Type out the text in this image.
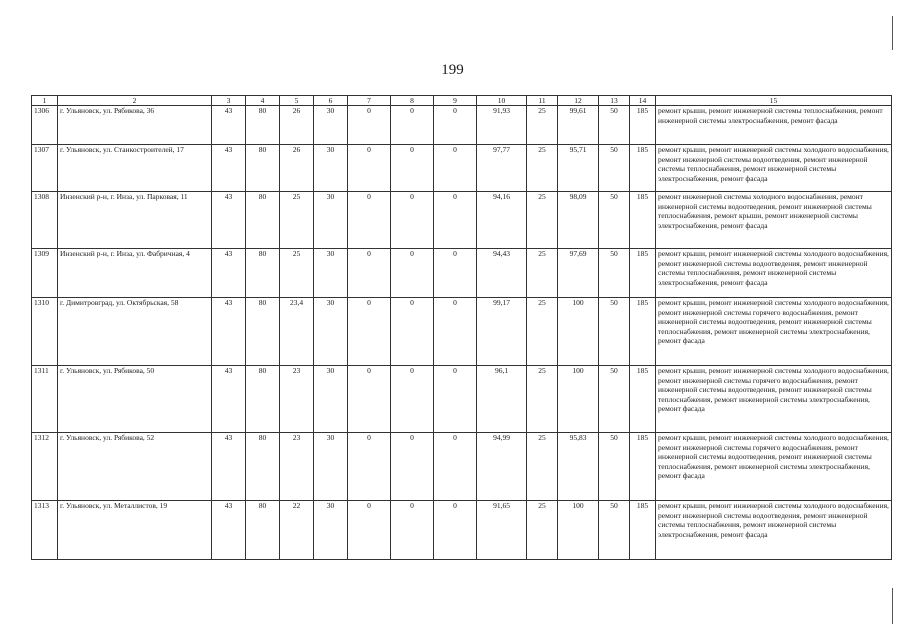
199
1	2	3	4	5	6	7	8	9	10	11	12	13	14	15
1306	г. Ульяновск, ул. Рябикова, 36	43	80	26	30	0	0	0	91,93	25	99,61	50	185	ремонт крыши, ремонт инженерной системы теплоснабжения, ремонт инженерной системы электроснабжения, ремонт фасада
1307	г. Ульяновск, ул. Станкостроителей, 17	43	80	26	30	0	0	0	97,77	25	95,71	50	185	ремонт крыши, ремонт инженерной системы холодного водоснабжения, ремонт инженерной системы водоотведения, ремонт инженерной системы теплоснабжения, ремонт инженерной системы электроснабжения, ремонт фасада
1308	Инзенский р-н, г. Инза, ул. Парковая, 11	43	80	25	30	0	0	0	94,16	25	98,09	50	185	ремонт инженерной системы холодного водоснабжения, ремонт инженерной системы водоотведения, ремонт инженерной системы теплоснабжения, ремонт крыши, ремонт инженерной системы электроснабжения, ремонт фасада
1309	Инзенский р-н, г. Инза, ул. Фабричная, 4	43	80	25	30	0	0	0	94,43	25	97,69	50	185	ремонт крыши, ремонт инженерной системы холодного водоснабжения, ремонт инженерной системы водоотведения, ремонт инженерной системы теплоснабжения, ремонт инженерной системы электроснабжения, ремонт фасада
1310	г. Димитровград, ул. Октябрьская, 58	43	80	23,4	30	0	0	0	99,17	25	100	50	185	ремонт крыши, ремонт инженерной системы холодного водоснабжения, ремонт инженерной системы горячего водоснабжения, ремонт инженерной системы водоотведения, ремонт инженерной системы теплоснабжения, ремонт инженерной системы электроснабжения, ремонт фасада
1311	г. Ульяновск, ул. Рябикова, 50	43	80	23	30	0	0	0	96,1	25	100	50	185	ремонт крыши, ремонт инженерной системы холодного водоснабжения, ремонт инженерной системы горячего водоснабжения, ремонт инженерной системы водоотведения, ремонт инженерной системы теплоснабжения, ремонт инженерной системы электроснабжения, ремонт фасада
1312	г. Ульяновск, ул. Рябикова, 52	43	80	23	30	0	0	0	94,99	25	95,83	50	185	ремонт крыши, ремонт инженерной системы холодного водоснабжения, ремонт инженерной системы горячего водоснабжения, ремонт инженерной системы водоотведения, ремонт инженерной системы теплоснабжения, ремонт инженерной системы электроснабжения, ремонт фасада
1313	г. Ульяновск, ул. Металлистов, 19	43	80	22	30	0	0	0	91,65	25	100	50	185	ремонт крыши, ремонт инженерной системы холодного водоснабжения, ремонт инженерной системы водоотведения, ремонт инженерной системы теплоснабжения, ремонт инженерной системы электроснабжения, ремонт фасада
